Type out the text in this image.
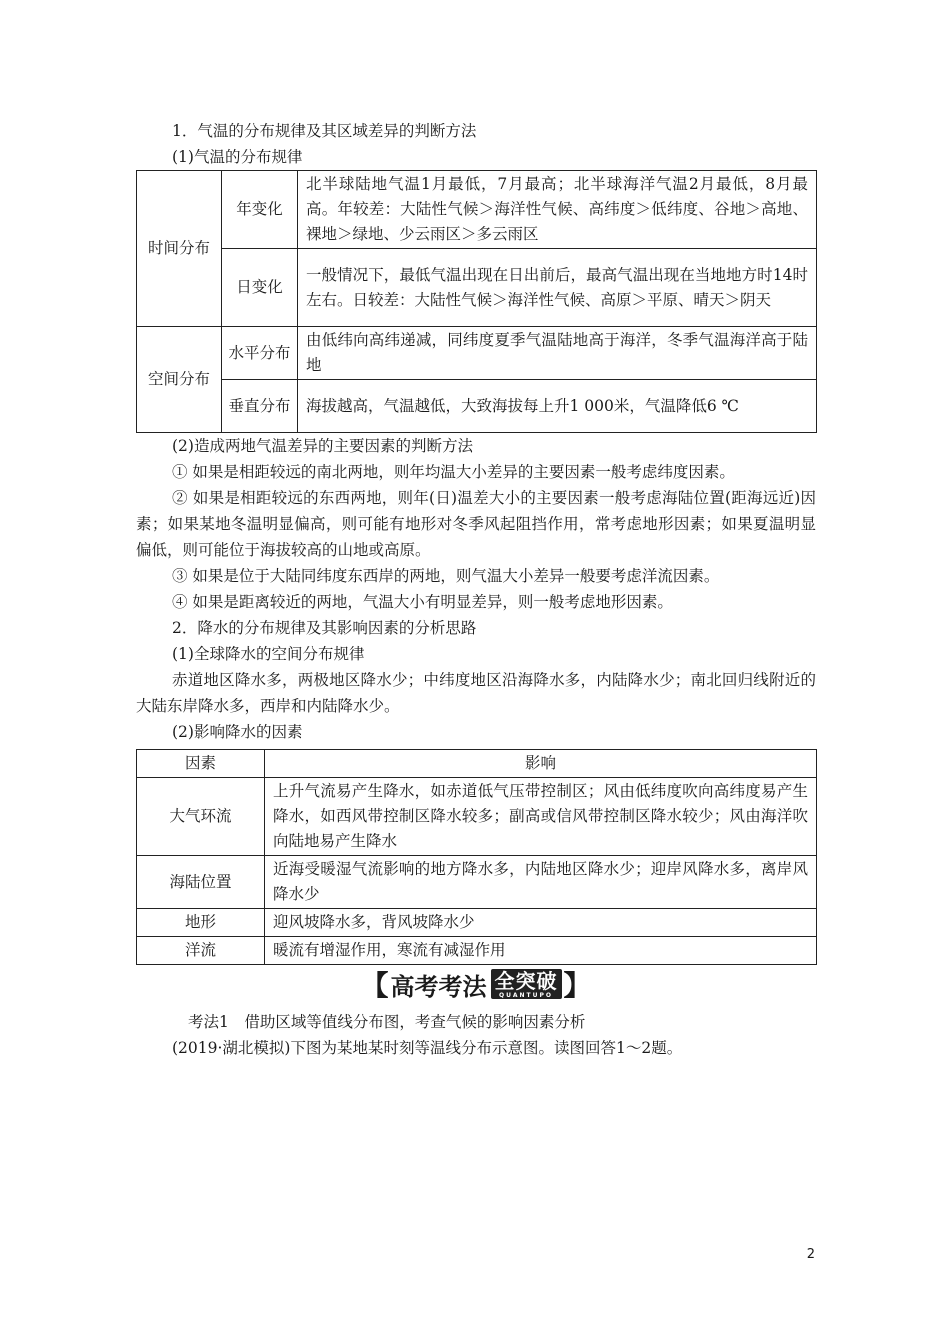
1．气温的分布规律及其区域差异的判断方法
(1)气温的分布规律
时间分布	年变化	北半球陆地气温1月最低，7月最高；北半球海洋气温2月最低，8月最高。年较差：大陆性气候＞海洋性气候、高纬度＞低纬度、谷地＞高地、裸地＞绿地、少云雨区＞多云雨区
	日变化	一般情况下，最低气温出现在日出前后，最高气温出现在当地地方时14时左右。日较差：大陆性气候＞海洋性气候、高原＞平原、晴天＞阴天
空间分布	水平分布	由低纬向高纬递减，同纬度夏季气温陆地高于海洋，冬季气温海洋高于陆地
	垂直分布	海拔越高，气温越低，大致海拔每上升1 000米，气温降低6 ℃
(2)造成两地气温差异的主要因素的判断方法
① 如果是相距较远的南北两地，则年均温大小差异的主要因素一般考虑纬度因素。
② 如果是相距较远的东西两地，则年(日)温差大小的主要因素一般考虑海陆位置(距海远近)因素；如果某地冬温明显偏高，则可能有地形对冬季风起阻挡作用，常考虑地形因素；如果夏温明显偏低，则可能位于海拔较高的山地或高原。
③ 如果是位于大陆同纬度东西岸的两地，则气温大小差异一般要考虑洋流因素。
④ 如果是距离较近的两地，气温大小有明显差异，则一般考虑地形因素。
2．降水的分布规律及其影响因素的分析思路
(1)全球降水的空间分布规律
赤道地区降水多，两极地区降水少；中纬度地区沿海降水多，内陆降水少；南北回归线附近的大陆东岸降水多，西岸和内陆降水少。
(2)影响降水的因素
因素	影响
大气环流	上升气流易产生降水，如赤道低气压带控制区；风由低纬度吹向高纬度易产生降水，如西风带控制区降水较多；副高或信风带控制区降水较少；风由海洋吹向陆地易产生降水
海陆位置	近海受暖湿气流影响的地方降水多，内陆地区降水少；迎岸风降水多，离岸风降水少
地形	迎风坡降水多，背风坡降水少
洋流	暖流有增湿作用，寒流有减湿作用
【 高考考法 全突破
QUANTUPO 】
考法1　借助区域等值线分布图，考查气候的影响因素分析
(2019·湖北模拟)下图为某地某时刻等温线分布示意图。读图回答1～2题。
2
